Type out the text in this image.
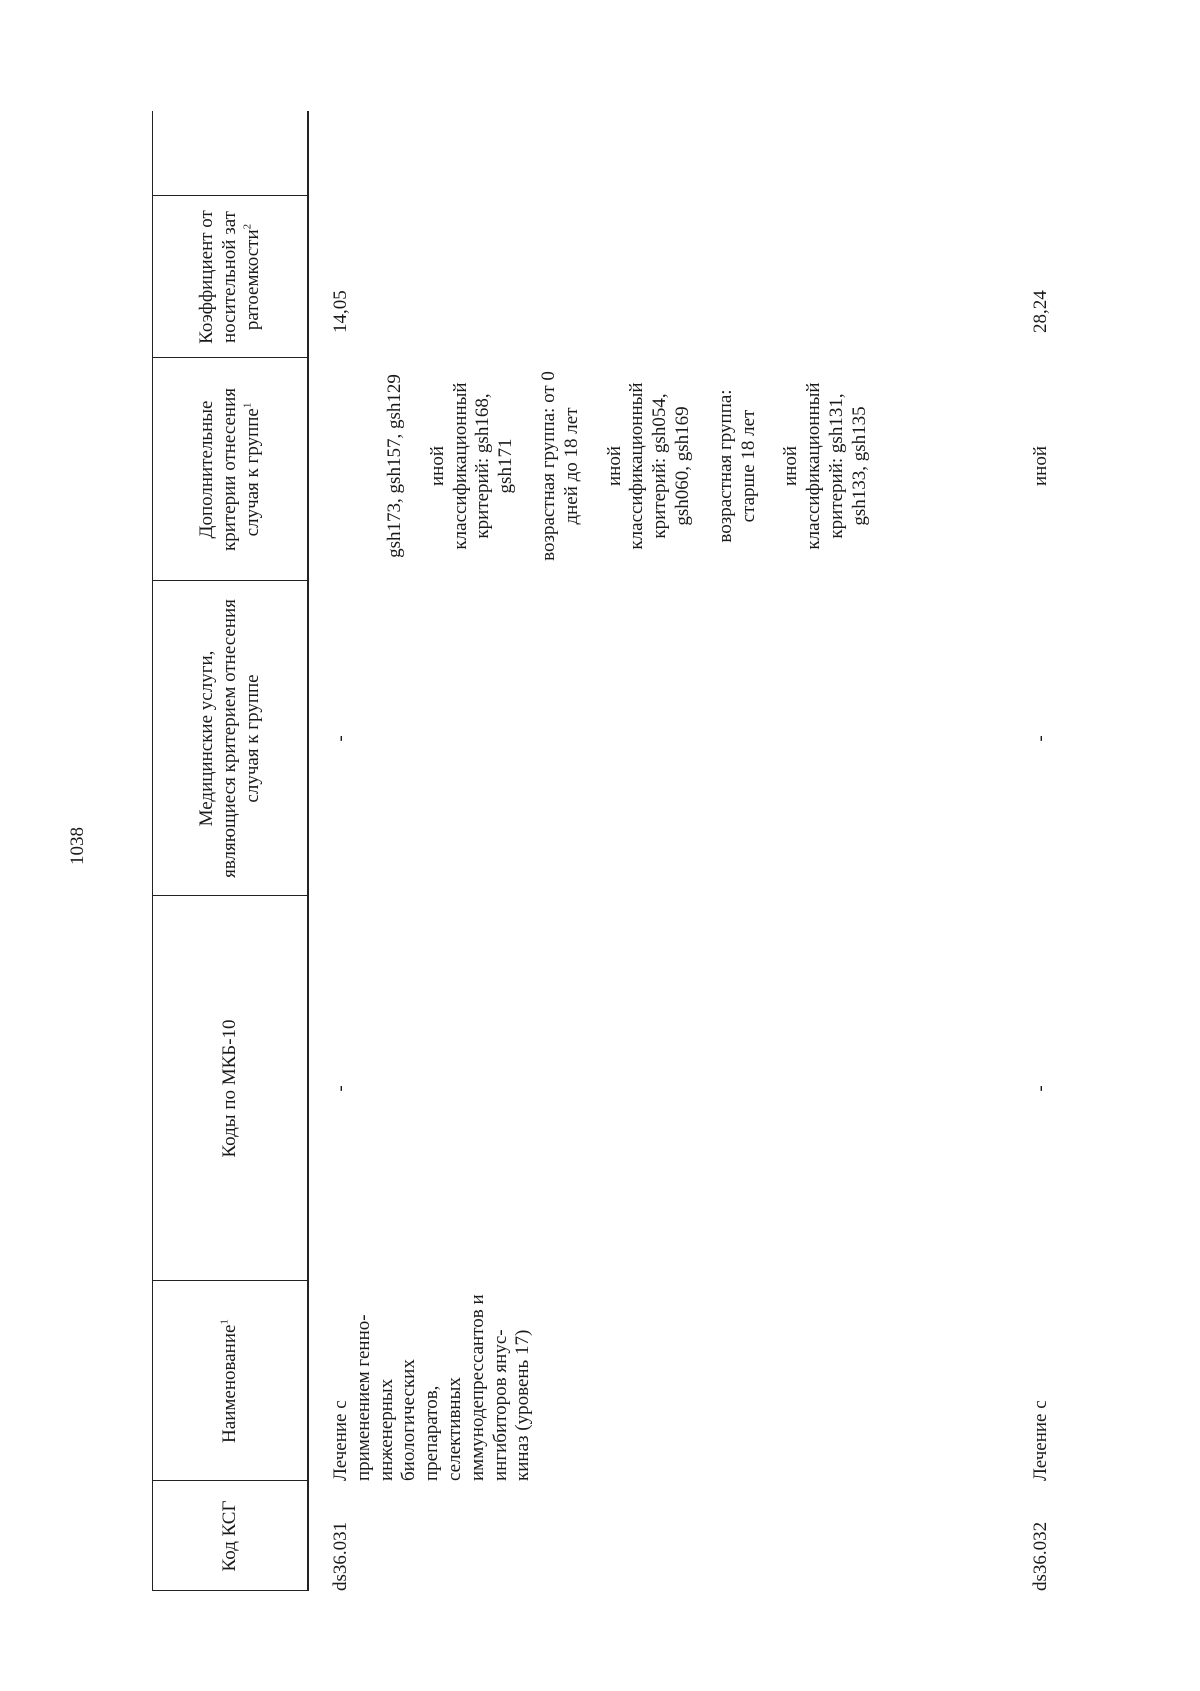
1038
Код КСГ
Наименование$^1$
Коды по МКБ-10
Медицинские услуги, являющиеся критерием отнесения случая к группе
Дополнительные критерии отнесения случая к группе$^1$
Коэффициент относительной затратоемкости$^2$
ds36.031
Лечение с применением генно-инженерных биологических препаратов, селективных иммунодепрессантов и ингибиторов янус-киназ (уровень 17)
-
-

gsh173, gsh157, gsh129 иной классификационный критерий: gsh168, gsh171 возрастная группа: от 0 дней до 18 лет иной классификационный критерий: gsh054, gsh060, gsh169 возрастная группа: старше 18 лет иной классификационный критерий: gsh131, gsh133, gsh135

14,05
ds36.032
Лечение с
-
-

иной

28,24
